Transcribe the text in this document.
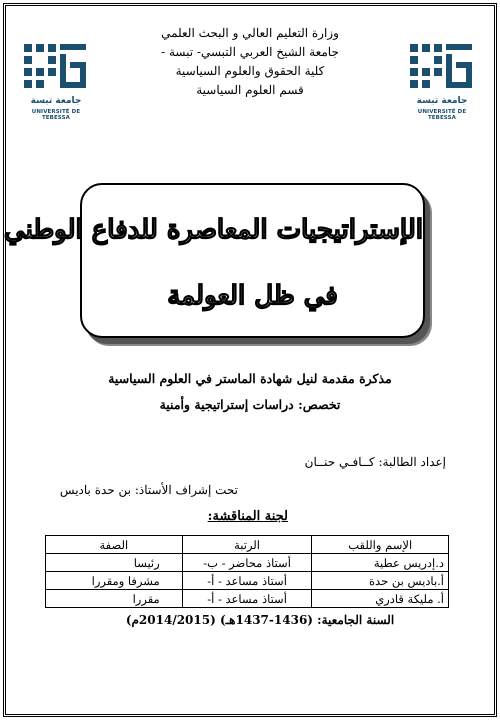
جامعة تبسة
UNIVERSITÉ DE TEBESSA
جامعة تبسة
UNIVERSITÉ DE TEBESSA
وزارة التعليم العالي و البحث العلمي
جامعة الشيخ العربي التبسي- تبسة -
كلية الحقوق والعلوم السياسية
قسم العلوم السياسية
الإستراتيجيات المعاصرة للدفاع الوطني
في ظل العولمة
مذكرة مقدمة لنيل شهادة الماستر في العلوم السياسية
تخصص: دراسات إستراتيجية وأمنية
إعداد الطالبة: كــافـي حنــان
تحت إشراف الأستاذ: بن حدة باديس
لجنة المناقشة:
الإسم واللقب	الرتبة	الصفة
د.إدريس عطية	أستاذ محاضر - ب-	رئيسا
أ.باديس بن حدة	أستاذ مساعد - أ-	مشرفا ومقررا
أ. مليكة قادري	أستاذ مساعد - أ-	مقررا
السنة الجامعية: (1436-1437هـ) (2014/2015م)
